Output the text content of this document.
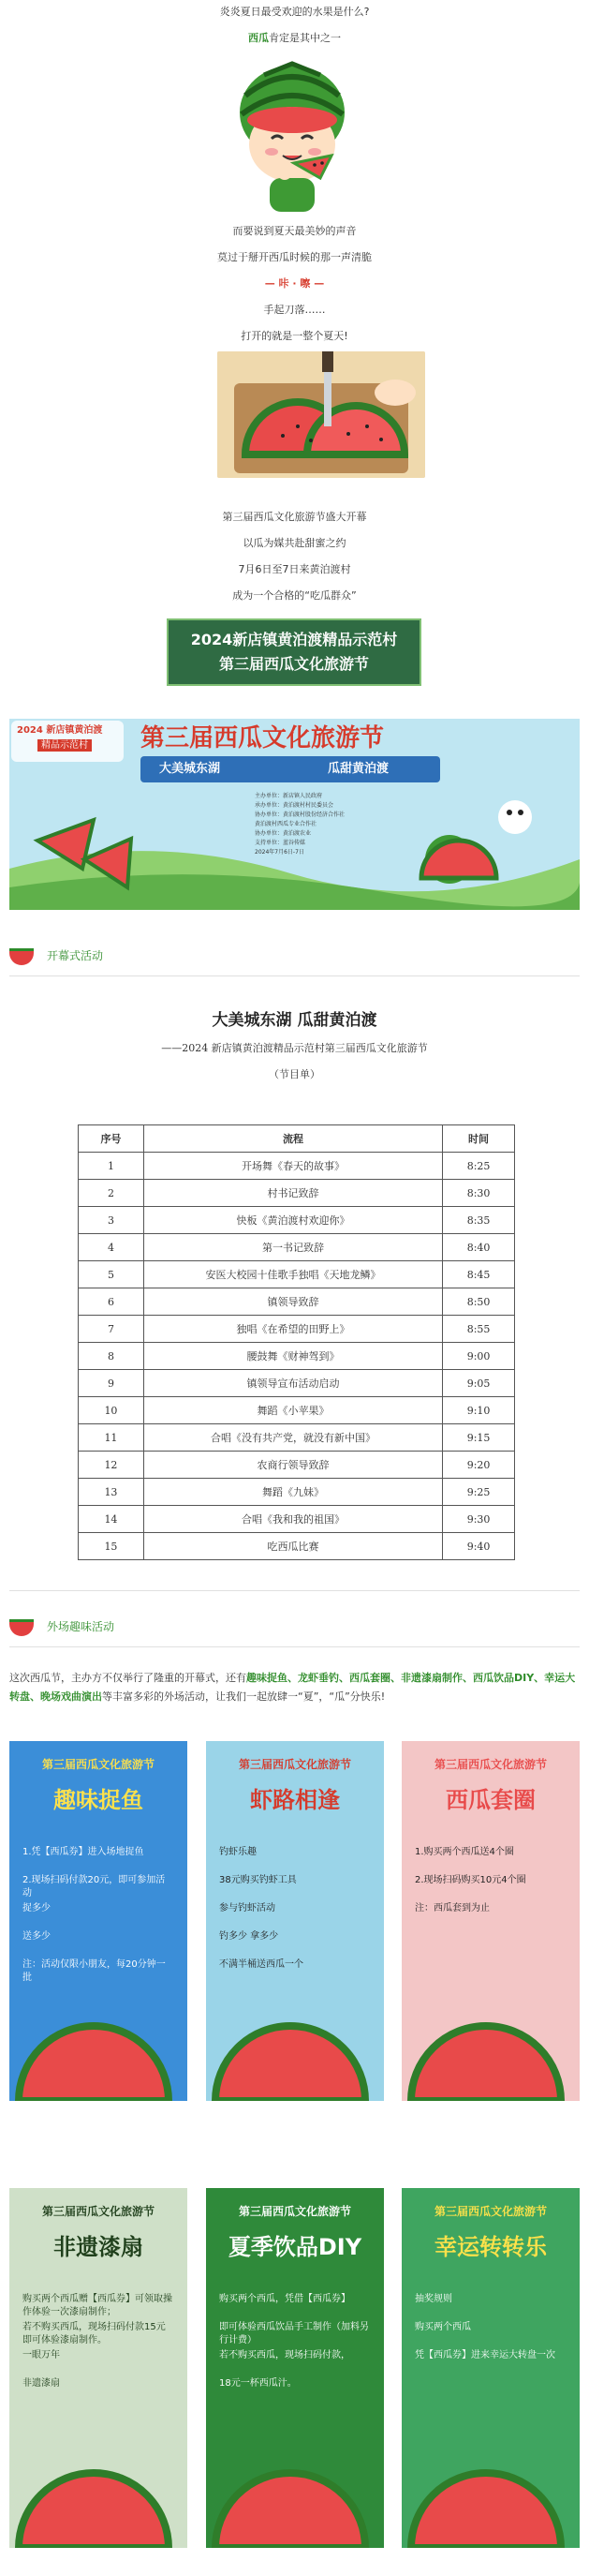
炎炎夏日最受欢迎的水果是什么?
西瓜肯定是其中之一
而要说到夏天最美妙的声音
莫过于掰开西瓜时候的那一声清脆
— 咔 · 嚓 —
手起刀落……
打开的就是一整个夏天!
第三届西瓜文化旅游节盛大开幕
以瓜为媒共赴甜蜜之约
7月6日至7日来黄泊渡村
成为一个合格的“吃瓜群众”
2024新店镇黄泊渡精品示范村
第三届西瓜文化旅游节
2024 新店镇黄泊渡
精品示范村 第三届西瓜文化旅游节
大美城东湖	瓜甜黄泊渡
主办单位：新店镇人民政府
承办单位：黄泊渡村村民委员会
协办单位：黄泊渡村股份经济合作社
黄泊渡村西瓜专业合作社
协办单位：黄泊渡农业
支持单位：蓝谷传媒
2024年7月6日-7日
开幕式活动
大美城东湖 瓜甜黄泊渡
——2024 新店镇黄泊渡精品示范村第三届西瓜文化旅游节
（节目单）
序号	流程	时间
1	开场舞《春天的故事》	8:25
2	村书记致辞	8:30
3	快板《黄泊渡村欢迎你》	8:35
4	第一书记致辞	8:40
5	安医大校园十佳歌手独唱《天地龙鳞》	8:45
6	镇领导致辞	8:50
7	独唱《在希望的田野上》	8:55
8	腰鼓舞《财神驾到》	9:00
9	镇领导宣布活动启动	9:05
10	舞蹈《小苹果》	9:10
11	合唱《没有共产党，就没有新中国》	9:15
12	农商行领导致辞	9:20
13	舞蹈《九妹》	9:25
14	合唱《我和我的祖国》	9:30
15	吃西瓜比赛	9:40
外场趣味活动
这次西瓜节，主办方不仅举行了隆重的开幕式，还有趣味捉鱼、龙虾垂钓、西瓜套圈、非遗漆扇制作、西瓜饮品DIY、幸运大转盘、晚场戏曲演出等丰富多彩的外场活动，让我们一起放肆一“夏”，“瓜”分快乐!
第三届西瓜文化旅游节
趣味捉鱼
1.凭【西瓜券】进入场地捉鱼
2.现场扫码付款20元，即可参加活动
捉多少
送多少
注：活动仅限小朋友，每20分钟一批
第三届西瓜文化旅游节
虾路相逢
钓虾乐趣
38元购买钓虾工具
参与钓虾活动
钓多少 拿多少
不满半桶送西瓜一个
第三届西瓜文化旅游节
西瓜套圈
1.购买两个西瓜送4个圈
2.现场扫码购买10元4个圈
注：西瓜套到为止
第三届西瓜文化旅游节
非遗漆扇
购买两个西瓜赠【西瓜券】可领取操作体验一次漆扇制作；
若不购买西瓜，现场扫码付款15元即可体验漆扇制作。
一眼万年
非遗漆扇
第三届西瓜文化旅游节
夏季饮品DIY
购买两个西瓜，凭借【西瓜券】
即可体验西瓜饮品手工制作（加料另行计费）
若不购买西瓜，现场扫码付款，
18元一杯西瓜汁。
第三届西瓜文化旅游节
幸运转转乐
抽奖规则
购买两个西瓜
凭【西瓜券】进来幸运大转盘一次
